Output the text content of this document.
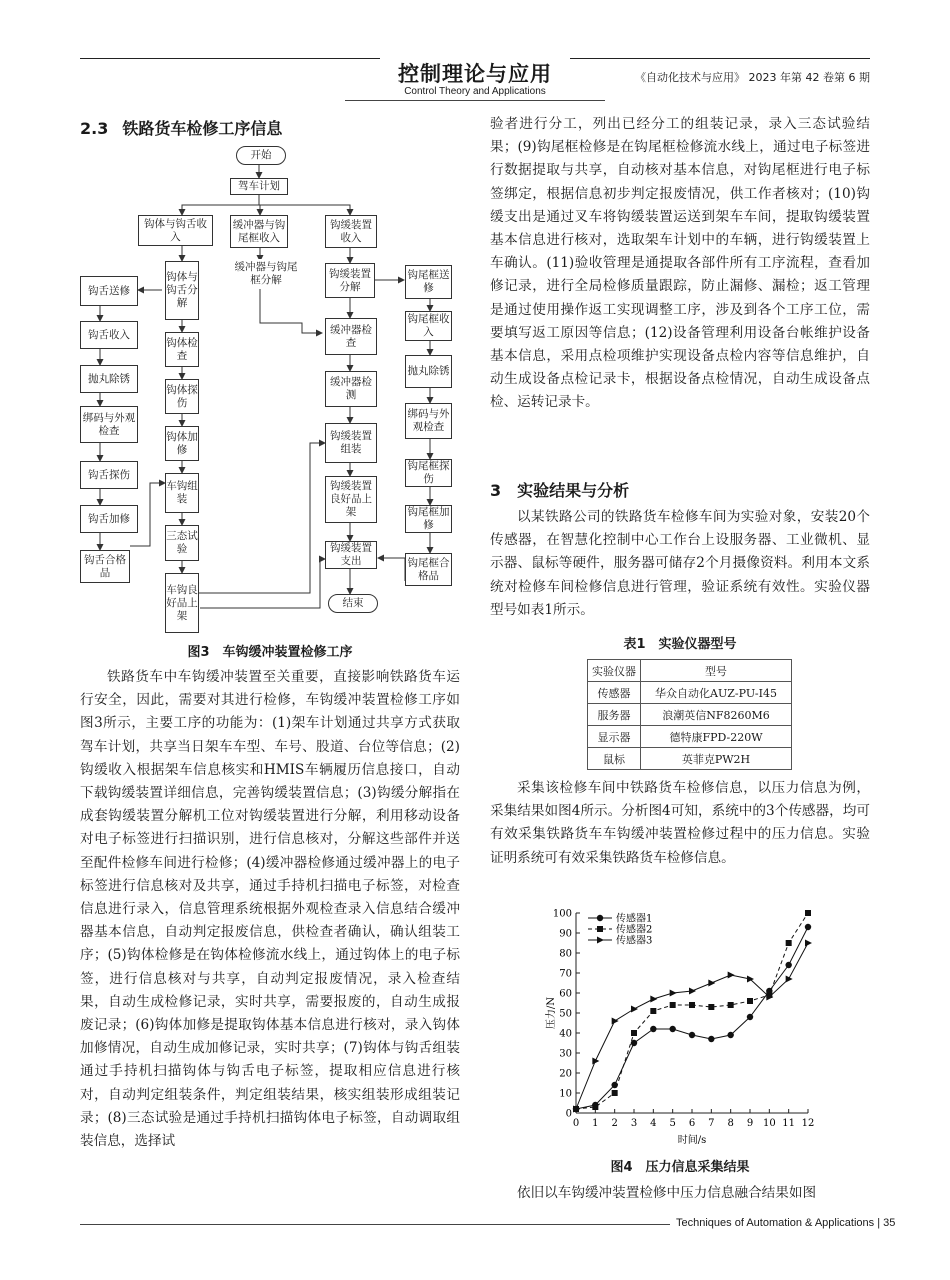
控制理论与应用
Control Theory and Applications
《自动化技术与应用》 2023 年第 42 卷第 6 期
2.3 铁路货车检修工序信息
开始
驾车计划
钩体与钩舌收入
缓冲器与钩尾框收入
钩缓装置收入
缓冲器与钩尾框分解
钩体与钩舌分解
钩缓装置分解
钩舌送修
钩舌收入
抛丸除锈
绑码与外观检查
钩舌探伤
钩舌加修
钩舌合格品
钩体检查
钩体探伤
钩体加修
车钩组装
三态试验
车钩良好品上架
缓冲器检查
缓冲器检测
钩缓装置组装
钩缓装置良好品上架
钩缓装置支出
结束
钩尾框送修
钩尾框收入
抛丸除锈
绑码与外观检查
钩尾框探伤
钩尾框加修
钩尾框合格品
图3　车钩缓冲装置检修工序
铁路货车中车钩缓冲装置至关重要，直接影响铁路货车运行安全，因此，需要对其进行检修，车钩缓冲装置检修工序如图3所示，主要工序的功能为：(1)架车计划通过共享方式获取驾车计划，共享当日架车车型、车号、股道、台位等信息；(2)钩缓收入根据架车信息核实和HMIS车辆履历信息接口，自动下载钩缓装置详细信息，完善钩缓装置信息；(3)钩缓分解指在成套钩缓装置分解机工位对钩缓装置进行分解，利用移动设备对电子标签进行扫描识别，进行信息核对，分解这些部件并送至配件检修车间进行检修；(4)缓冲器检修通过缓冲器上的电子标签进行信息核对及共享，通过手持机扫描电子标签，对检查信息进行录入，信息管理系统根据外观检查录入信息结合缓冲器基本信息，自动判定报废信息，供检查者确认，确认组装工序；(5)钩体检修是在钩体检修流水线上，通过钩体上的电子标签，进行信息核对与共享，自动判定报废情况，录入检查结果，自动生成检修记录，实时共享，需要报废的，自动生成报废记录；(6)钩体加修是提取钩体基本信息进行核对，录入钩体加修情况，自动生成加修记录，实时共享；(7)钩体与钩舌组装通过手持机扫描钩体与钩舌电子标签，提取相应信息进行核对，自动判定组装条件，判定组装结果，核实组装形成组装记录；(8)三态试验是通过手持机扫描钩体电子标签，自动调取组装信息，选择试
验者进行分工，列出已经分工的组装记录，录入三态试验结果；(9)钩尾框检修是在钩尾框检修流水线上，通过电子标签进行数据提取与共享，自动核对基本信息，对钩尾框进行电子标签绑定，根据信息初步判定报废情况，供工作者核对；(10)钩缓支出是通过叉车将钩缓装置运送到架车车间，提取钩缓装置基本信息进行核对，选取架车计划中的车辆，进行钩缓装置上车确认。(11)验收管理是通提取各部件所有工序流程，查看加修记录，进行全局检修质量跟踪，防止漏修、漏检；返工管理是通过使用操作返工实现调整工序，涉及到各个工序工位，需要填写返工原因等信息；(12)设备管理利用设备台帐维护设备基本信息，采用点检项维护实现设备点检内容等信息维护，自动生成设备点检记录卡，根据设备点检情况，自动生成设备点检、运转记录卡。
3 实验结果与分析
以某铁路公司的铁路货车检修车间为实验对象，安装20个传感器，在智慧化控制中心工作台上设服务器、工业微机、显示器、鼠标等硬件，服务器可储存2个月摄像资料。利用本文系统对检修车间检修信息进行管理，验证系统有效性。实验仪器型号如表1所示。
表1　实验仪器型号
实验仪器	型号
传感器	华众自动化AUZ-PU-I45
服务器	浪潮英信NF8260M6
显示器	德特康FPD-220W
鼠标	英菲克PW2H
采集该检修车间中铁路货车检修信息，以压力信息为例，采集结果如图4所示。分析图4可知，系统中的3个传感器，均可有效采集铁路货车车钩缓冲装置检修过程中的压力信息。实验证明系统可有效采集铁路货车检修信息。
0
10
20
30
40
50
60
70
80
90
100
0 1 2 3 4 5 6 7 8 9 10 11 12
时间/s
压力/N
传感器1
传感器2
传感器3
图4　压力信息采集结果
依旧以车钩缓冲装置检修中压力信息融合结果如图
Techniques of Automation & Applications | 35
